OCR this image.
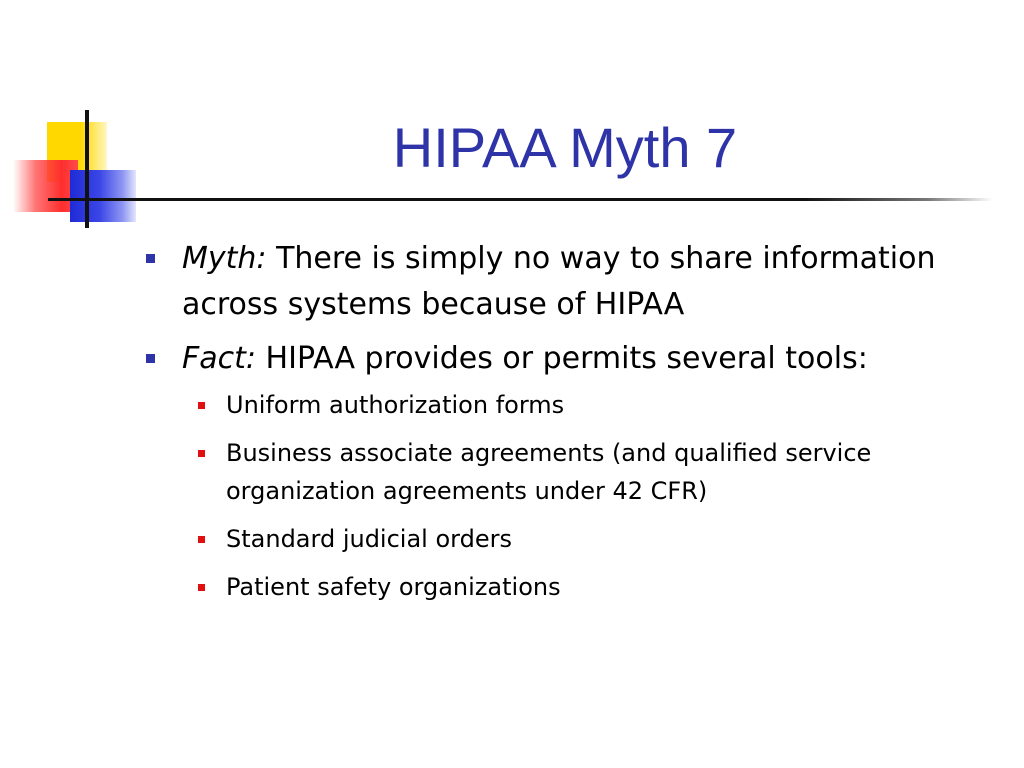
HIPAA Myth 7
Myth: There is simply no way to share information across systems because of HIPAA
Fact: HIPAA provides or permits several tools:
Uniform authorization forms
Business associate agreements (and qualified service organization agreements under 42 CFR)
Standard judicial orders
Patient safety organizations
